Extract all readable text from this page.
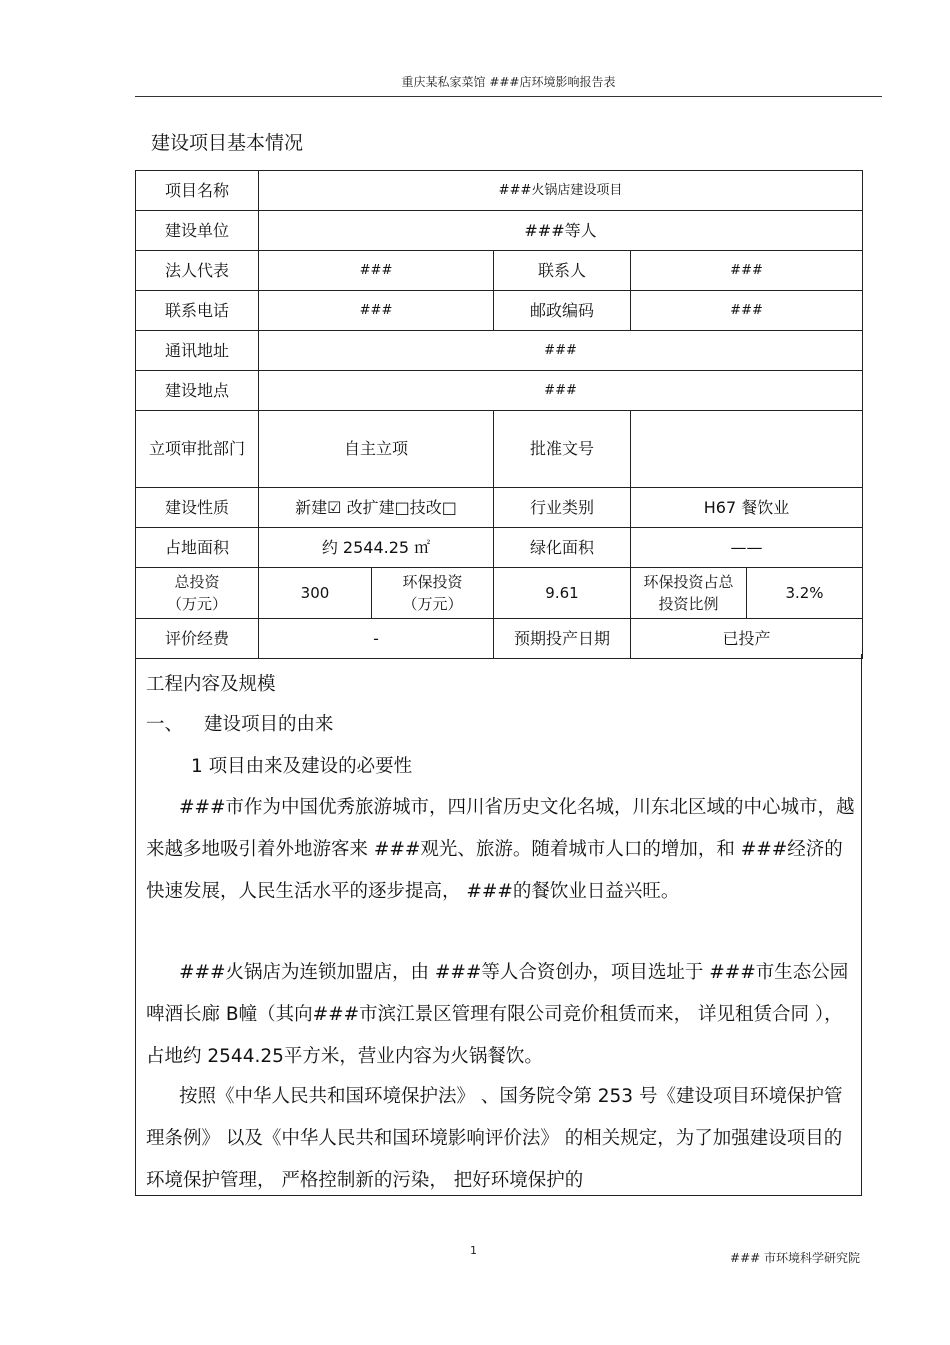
重庆某私家菜馆 ###店环境影响报告表
建设项目基本情况
项目名称	###火锅店建设项目				
建设单位	###等人				
法人代表	###		联系人	###	
联系电话	###		邮政编码	###	
通讯地址	###				
建设地点	###				
立项审批部门	自主立项		批准文号		
建设性质	新建☑ 改扩建□技改□		行业类别	H67 餐饮业	
占地面积	约 2544.25 ㎡		绿化面积	——	
总投资（万元）	300	环保投资（万元）	9.61	环保投资占总投资比例	3.2%
评价经费	-		预期投产日期	已投产	

工程内容及规模

一、 建设项目的由来

1 项目由来及建设的必要性

###市作为中国优秀旅游城市，四川省历史文化名城，川东北区域的中心城市，越来越多地吸引着外地游客来 ###观光、旅游。随着城市人口的增加，和 ###经济的快速发展，人民生活水平的逐步提高， ###的餐饮业日益兴旺。

###火锅店为连锁加盟店，由 ###等人合资创办，项目选址于 ###市生态公园啤酒长廊 B幢（其向###市滨江景区管理有限公司竞价租赁而来， 详见租赁合同 ），占地约 2544.25平方米，营业内容为火锅餐饮。

按照《中华人民共和国环境保护法》 、国务院令第 253 号《建设项目环境保护管理条例》 以及《中华人民共和国环境影响评价法》 的相关规定，为了加强建设项目的环境保护管理， 严格控制新的污染， 把好环境保护的

1
### 市环境科学研究院
